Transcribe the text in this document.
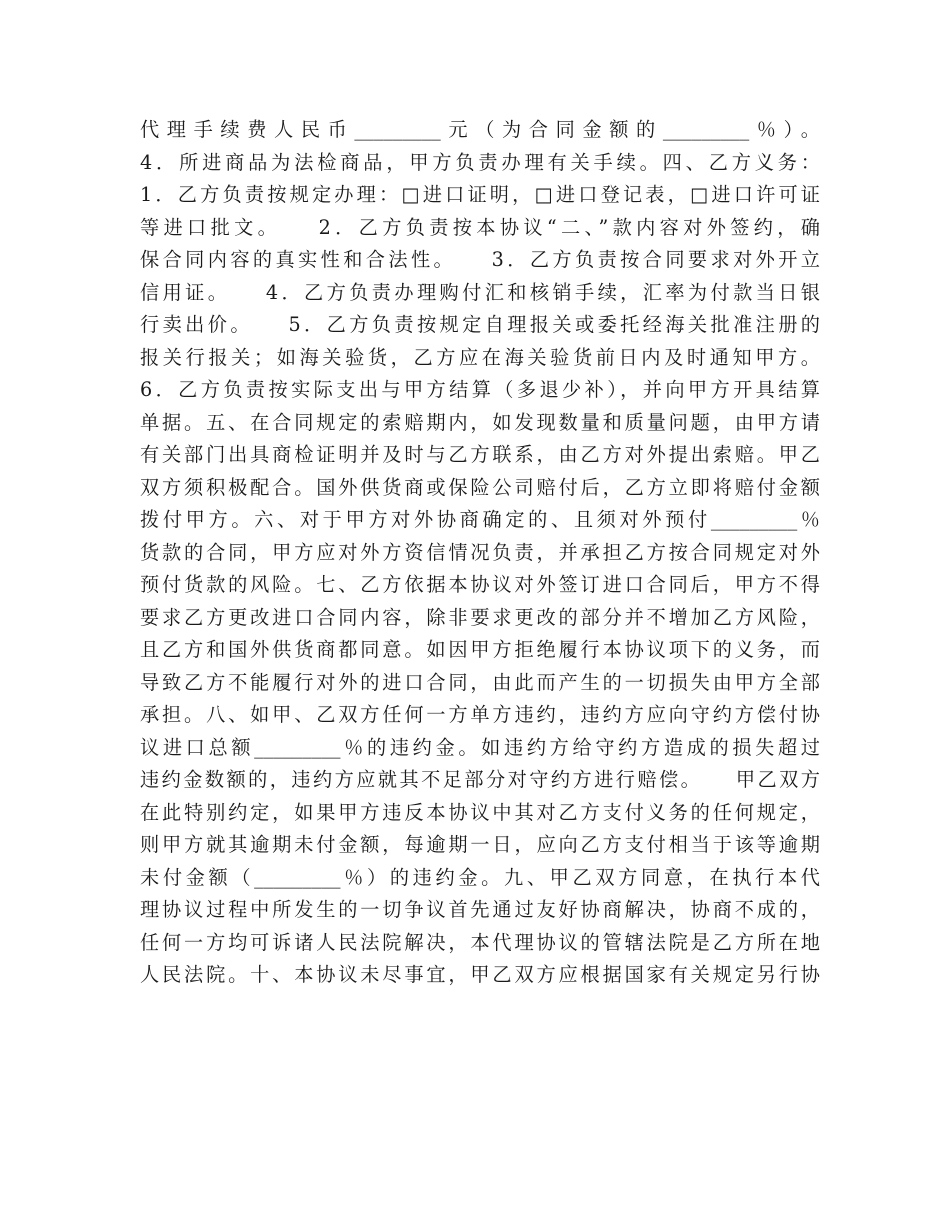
代理手续费人民币_________元（为合同金额的_________％）。
4．所进商品为法检商品，甲方负责办理有关手续。四、乙方义务：
1．乙方负责按规定办理：□进口证明，□进口登记表，□进口许可证
等进口批文。　　2．乙方负责按本协议“二、”款内容对外签约，确
保合同内容的真实性和合法性。　　3．乙方负责按合同要求对外开立
信用证。　　4．乙方负责办理购付汇和核销手续，汇率为付款当日银
行卖出价。　　5．乙方负责按规定自理报关或委托经海关批准注册的
报关行报关；如海关验货，乙方应在海关验货前日内及时通知甲方。
6．乙方负责按实际支出与甲方结算（多退少补），并向甲方开具结算
单据。五、在合同规定的索赔期内，如发现数量和质量问题，由甲方请
有关部门出具商检证明并及时与乙方联系，由乙方对外提出索赔。甲乙
双方须积极配合。国外供货商或保险公司赔付后，乙方立即将赔付金额
拨付甲方。六、对于甲方对外协商确定的、且须对外预付_________％
货款的合同，甲方应对外方资信情况负责，并承担乙方按合同规定对外
预付货款的风险。七、乙方依据本协议对外签订进口合同后，甲方不得
要求乙方更改进口合同内容，除非要求更改的部分并不增加乙方风险，
且乙方和国外供货商都同意。如因甲方拒绝履行本协议项下的义务，而
导致乙方不能履行对外的进口合同，由此而产生的一切损失由甲方全部
承担。八、如甲、乙双方任何一方单方违约，违约方应向守约方偿付协
议进口总额_________％的违约金。如违约方给守约方造成的损失超过
违约金数额的，违约方应就其不足部分对守约方进行赔偿。　　甲乙双方
在此特别约定，如果甲方违反本协议中其对乙方支付义务的任何规定，
则甲方就其逾期未付金额，每逾期一日，应向乙方支付相当于该等逾期
未付金额（_________％）的违约金。九、甲乙双方同意，在执行本代
理协议过程中所发生的一切争议首先通过友好协商解决，协商不成的，
任何一方均可诉诸人民法院解决，本代理协议的管辖法院是乙方所在地
人民法院。十、本协议未尽事宜，甲乙双方应根据国家有关规定另行协
